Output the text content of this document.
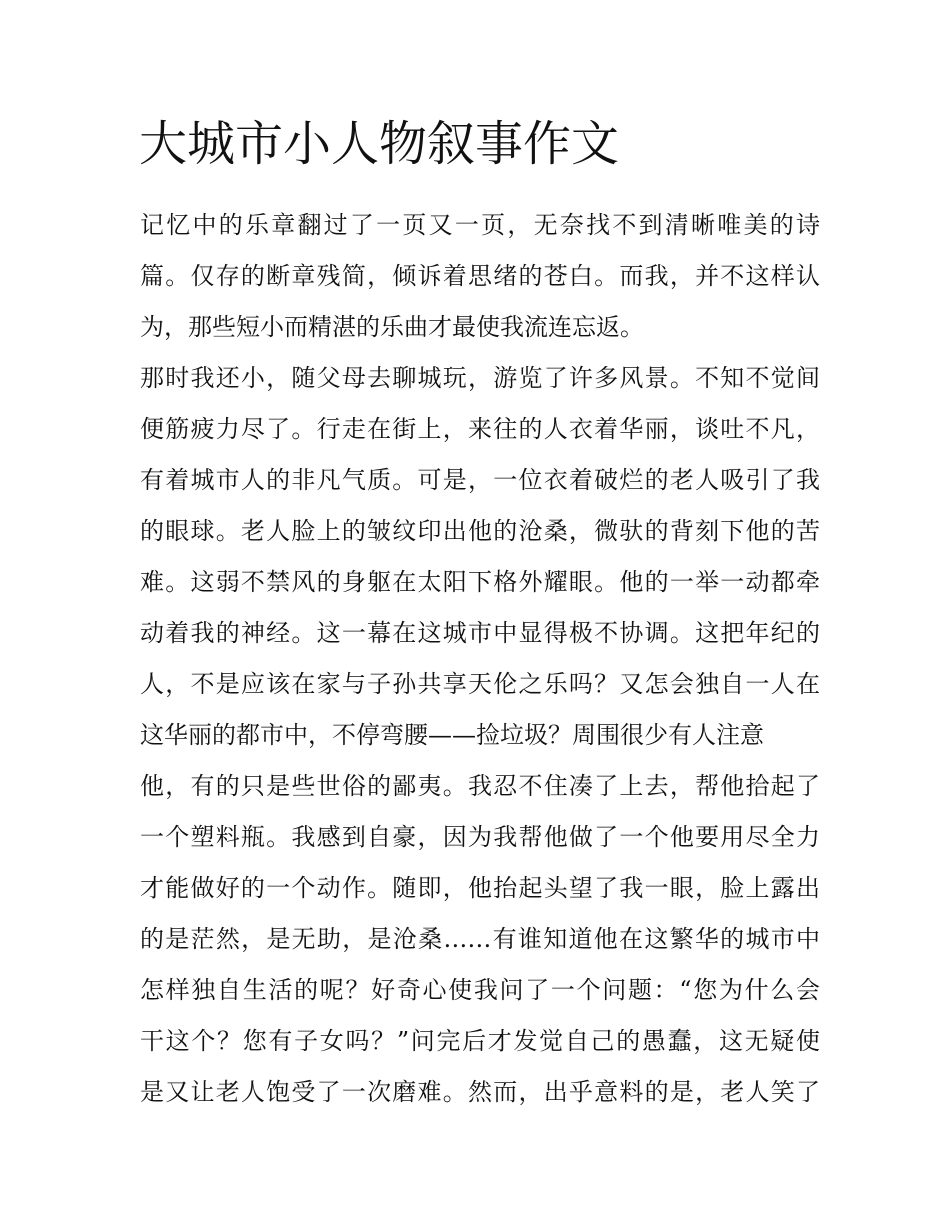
大城市小人物叙事作文
记忆中的乐章翻过了一页又一页，无奈找不到清晰唯美的诗
篇。仅存的断章残简，倾诉着思绪的苍白。而我，并不这样认
为，那些短小而精湛的乐曲才最使我流连忘返。
那时我还小，随父母去聊城玩，游览了许多风景。不知不觉间
便筋疲力尽了。行走在街上，来往的人衣着华丽，谈吐不凡，
有着城市人的非凡气质。可是，一位衣着破烂的老人吸引了我
的眼球。老人脸上的皱纹印出他的沧桑，微驮的背刻下他的苦
难。这弱不禁风的身躯在太阳下格外耀眼。他的一举一动都牵
动着我的神经。这一幕在这城市中显得极不协调。这把年纪的
人，不是应该在家与子孙共享天伦之乐吗？又怎会独自一人在
这华丽的都市中，不停弯腰——捡垃圾？周围很少有人注意
他，有的只是些世俗的鄙夷。我忍不住凑了上去，帮他拾起了
一个塑料瓶。我感到自豪，因为我帮他做了一个他要用尽全力
才能做好的一个动作。随即，他抬起头望了我一眼，脸上露出
的是茫然，是无助，是沧桑……有谁知道他在这繁华的城市中
怎样独自生活的呢？好奇心使我问了一个问题：“您为什么会
干这个？您有子女吗？”问完后才发觉自己的愚蠢，这无疑使
是又让老人饱受了一次磨难。然而，出乎意料的是，老人笑了
